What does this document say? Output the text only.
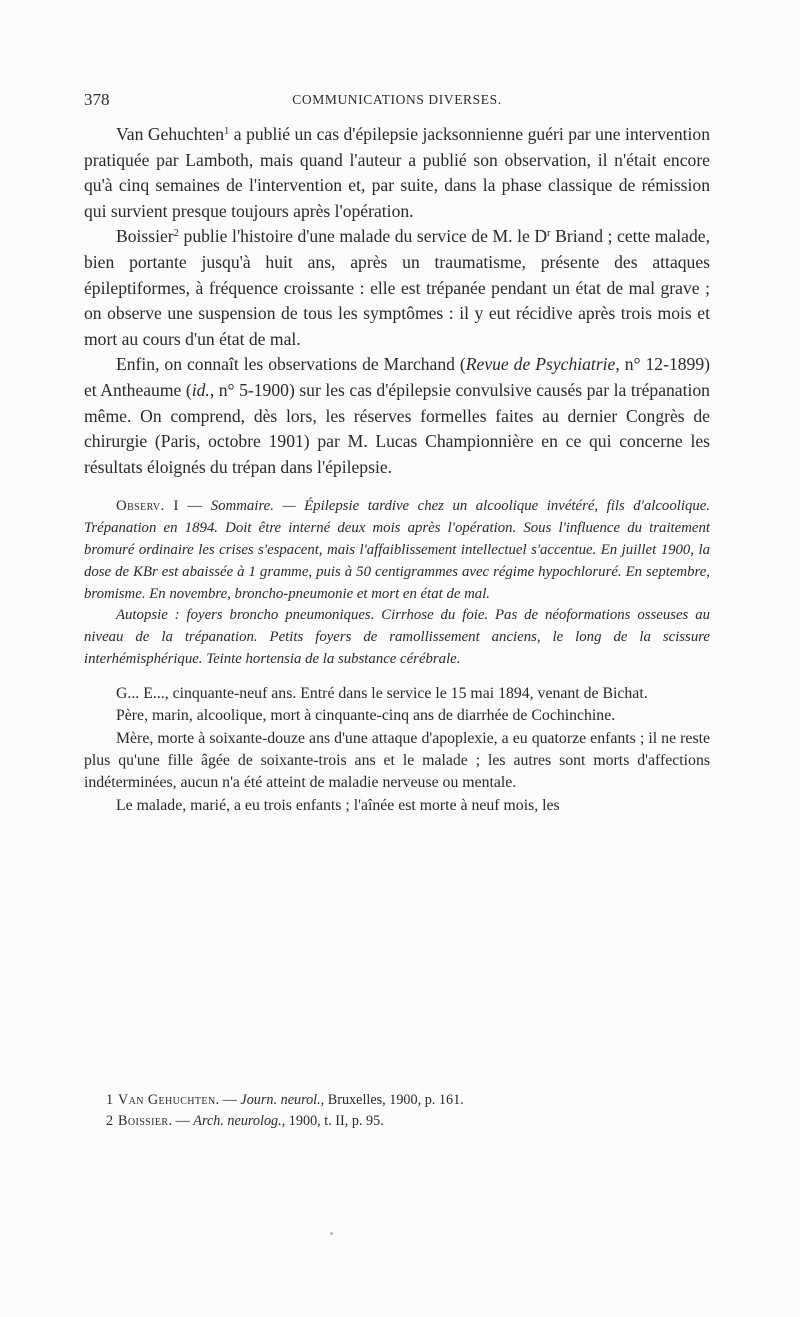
378	COMMUNICATIONS DIVERSES.

Van Gehuchten$^1$ a publié un cas d'épilepsie jacksonnienne guéri par une intervention pratiquée par Lamboth, mais quand l'auteur a publié son observation, il n'était encore qu'à cinq semaines de l'intervention et, par suite, dans la phase classique de rémission qui survient presque toujours après l'opération.

Boissier$^2$ publie l'histoire d'une malade du service de M. le $D^r$ Briand ; cette malade, bien portante jusqu'à huit ans, après un traumatisme, présente des attaques épileptiformes, à fréquence croissante : elle est trépanée pendant un état de mal grave ; on observe une suspension de tous les symptômes : il y eut récidive après trois mois et mort au cours d'un état de mal.

Enfin, on connaît les observations de Marchand (Revue de Psychiatrie, n° 12-1899) et Antheaume (id., n° 5-1900) sur les cas d'épilepsie convulsive causés par la trépanation même. On comprend, dès lors, les réserves formelles faites au dernier Congrès de chirurgie (Paris, octobre 1901) par M. Lucas Championnière en ce qui concerne les résultats éloignés du trépan dans l'épilepsie.

Observ. I — Sommaire. — Épilepsie tardive chez un alcoolique invétéré, fils d'alcoolique. Trépanation en 1894. Doit être interné deux mois après l'opération. Sous l'influence du traitement bromuré ordinaire les crises s'espacent, mais l'affaiblissement intellectuel s'accentue. En juillet 1900, la dose de KBr est abaissée à 1 gramme, puis à 50 centigrammes avec régime hypochloruré. En septembre, bromisme. En novembre, broncho-pneumonie et mort en état de mal.

Autopsie : foyers broncho pneumoniques. Cirrhose du foie. Pas de néoformations osseuses au niveau de la trépanation. Petits foyers de ramollissement anciens, le long de la scissure interhémisphérique. Teinte hortensia de la substance cérébrale.

G... E..., cinquante-neuf ans. Entré dans le service le 15 mai 1894, venant de Bichat.

Père, marin, alcoolique, mort à cinquante-cinq ans de diarrhée de Cochinchine.

Mère, morte à soixante-douze ans d'une attaque d'apoplexie, a eu quatorze enfants ; il ne reste plus qu'une fille âgée de soixante-trois ans et le malade ; les autres sont morts d'affections indéterminées, aucun n'a été atteint de maladie nerveuse ou mentale.

Le malade, marié, a eu trois enfants ; l'aînée est morte à neuf mois, les

1 Van Gehuchten. — Journ. neurol., Bruxelles, 1900, p. 161.

2 Boissier. — Arch. neurolog., 1900, t. II, p. 95.
